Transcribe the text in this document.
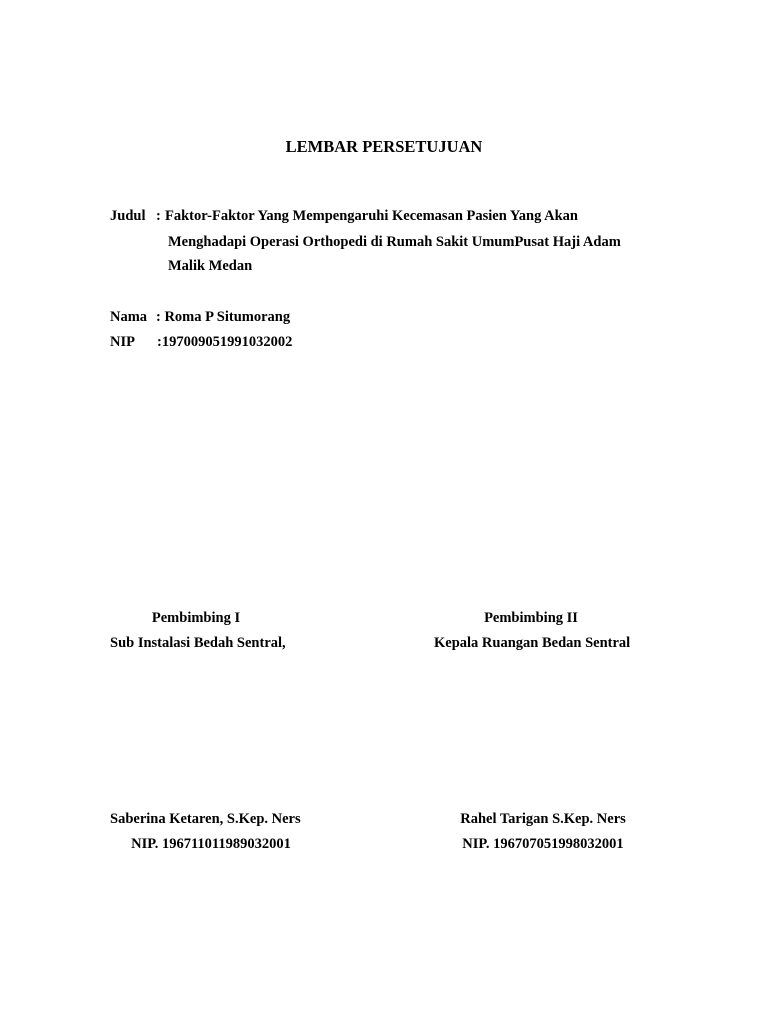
LEMBAR PERSETUJUAN
Judul : Faktor-Faktor Yang Mempengaruhi Kecemasan Pasien Yang Akan
Menghadapi Operasi Orthopedi di Rumah Sakit UmumPusat Haji Adam
Malik Medan
Nama : Roma P Situmorang
NIP :197009051991032002
Pembimbing I
Sub Instalasi Bedah Sentral,
Saberina Ketaren, S.Kep. Ners
NIP. 196711011989032001
Pembimbing II
Kepala Ruangan Bedan Sentral
Rahel Tarigan S.Kep. Ners
NIP. 196707051998032001
